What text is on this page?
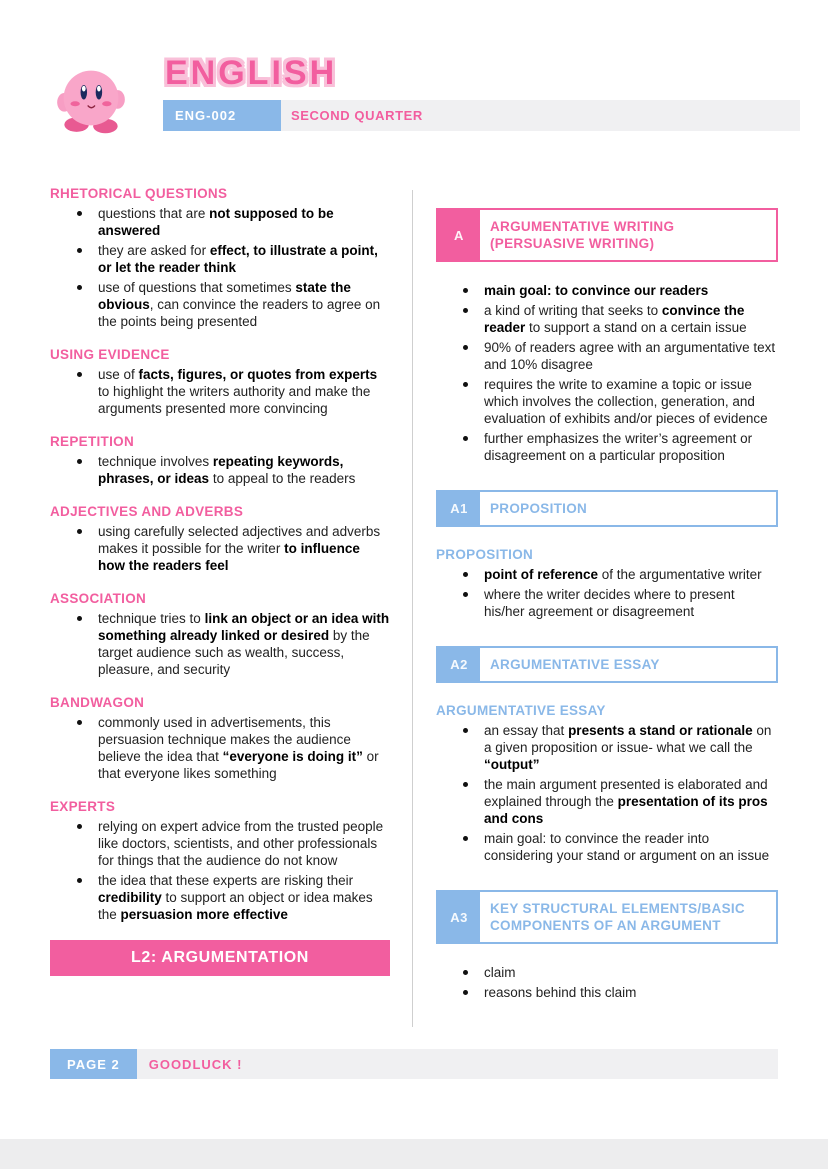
ENGLISH
ENG-002	SECOND QUARTER
RHETORICAL QUESTIONS
questions that are not supposed to be answered
they are asked for effect, to illustrate a point, or let the reader think
use of questions that sometimes state the obvious, can convince the readers to agree on the points being presented
USING EVIDENCE
use of facts, figures, or quotes from experts to highlight the writers authority and make the arguments presented more convincing
REPETITION
technique involves repeating keywords, phrases, or ideas to appeal to the readers
ADJECTIVES AND ADVERBS
using carefully selected adjectives and adverbs makes it possible for the writer to influence how the readers feel
ASSOCIATION
technique tries to link an object or an idea with something already linked or desired by the target audience such as wealth, success, pleasure, and security
BANDWAGON
commonly used in advertisements, this persuasion technique makes the audience believe the idea that “everyone is doing it” or that everyone likes something
EXPERTS
relying on expert advice from the trusted people like doctors, scientists, and other professionals for things that the audience do not know
the idea that these experts are risking their credibility to support an object or idea makes the persuasion more effective
L2: ARGUMENTATION
A
ARGUMENTATIVE WRITING (PERSUASIVE WRITING)
main goal: to convince our readers
a kind of writing that seeks to convince the reader to support a stand on a certain issue
90% of readers agree with an argumentative text and 10% disagree
requires the write to examine a topic or issue which involves the collection, generation, and evaluation of exhibits and/or pieces of evidence
further emphasizes the writer’s agreement or disagreement on a particular proposition
A1	PROPOSITION
PROPOSITION
point of reference of the argumentative writer
where the writer decides where to present his/her agreement or disagreement
A2	ARGUMENTATIVE ESSAY
ARGUMENTATIVE ESSAY
an essay that presents a stand or rationale on a given proposition or issue- what we call the “output”
the main argument presented is elaborated and explained through the presentation of its pros and cons
main goal: to convince the reader into considering your stand or argument on an issue
A3
KEY STRUCTURAL ELEMENTS/BASIC COMPONENTS OF AN ARGUMENT
claim
reasons behind this claim
PAGE 2	GOODLUCK !
